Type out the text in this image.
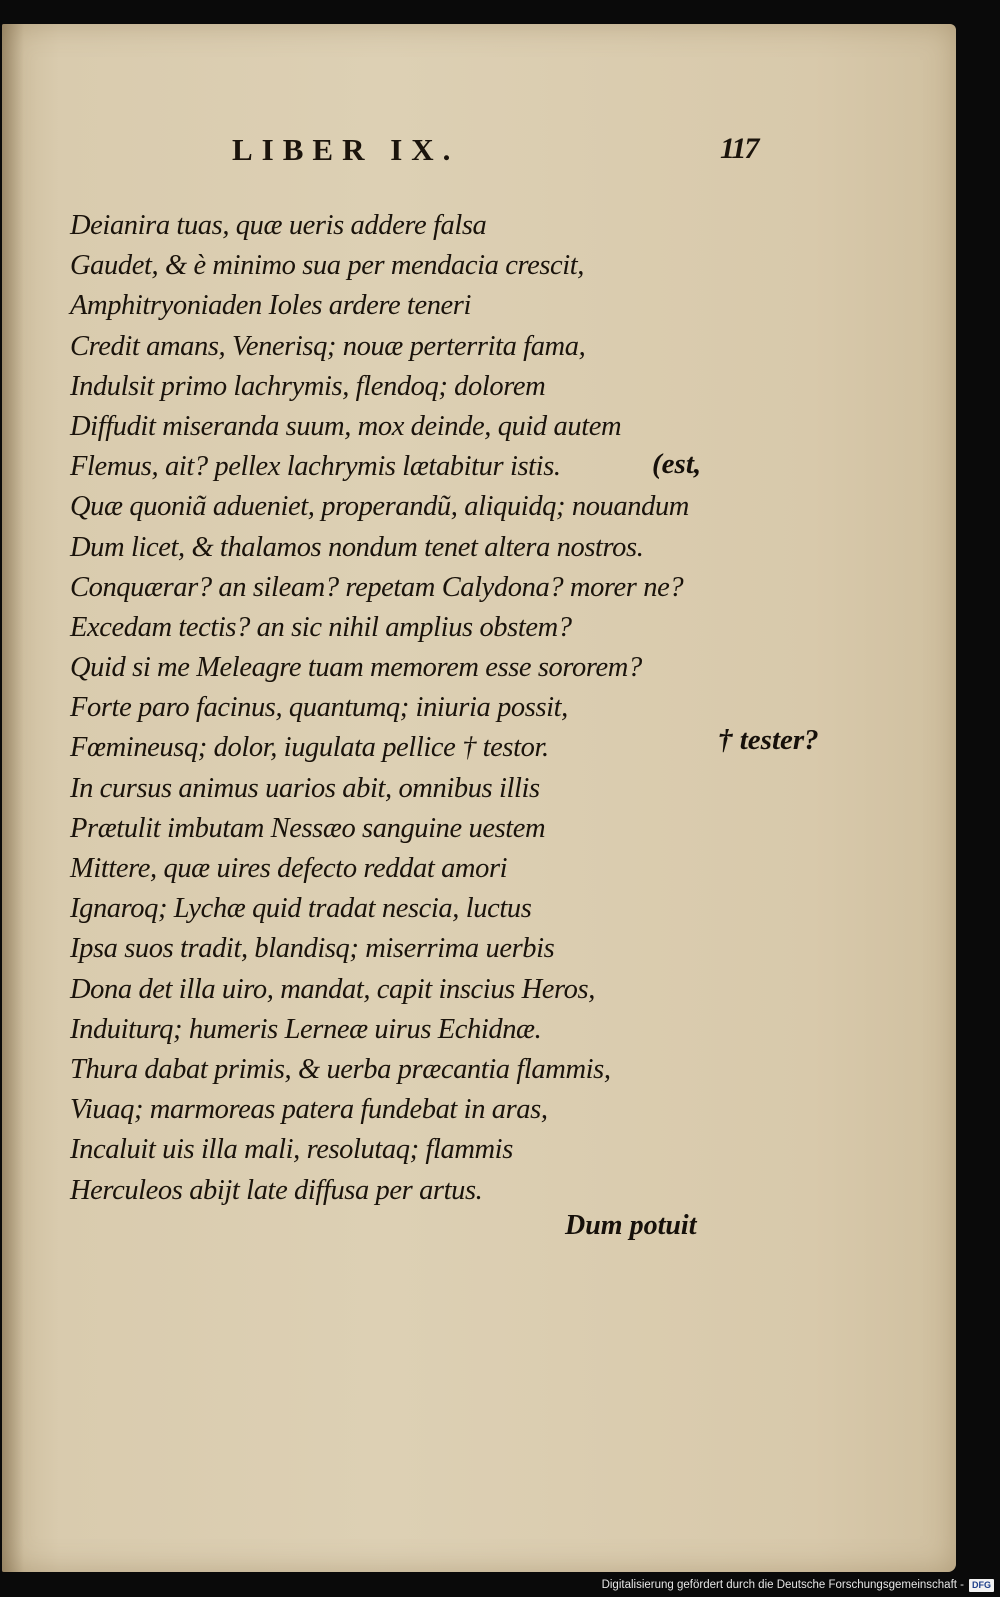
LIBER IX.	117
Deianira tuas, quæ ueris addere falsa
Gaudet, & è minimo sua per mendacia crescit,
Amphitryoniaden Ioles ardere teneri
Credit amans, Venerisq; nouæ perterrita fama,
Indulsit primo lachrymis, flendoq; dolorem
Diffudit miseranda suum, mox deinde, quid autem
Flemus, ait? pellex lachrymis lætabitur istis.
Quæ quoniã adueniet, properandũ, aliquidq; nouandum
Dum licet, & thalamos nondum tenet altera nostros.
Conquærar? an sileam? repetam Calydona? morer ne?
Excedam tectis? an sic nihil amplius obstem?
Quid si me Meleagre tuam memorem esse sororem?
Forte paro facinus, quantumq; iniuria possit,
Fœmineusq; dolor, iugulata pellice † testor.
In cursus animus uarios abit, omnibus illis
Prætulit imbutam Nessæo sanguine uestem
Mittere, quæ uires defecto reddat amori
Ignaroq; Lychæ quid tradat nescia, luctus
Ipsa suos tradit, blandisq; miserrima uerbis
Dona det illa uiro, mandat, capit inscius Heros,
Induiturq; humeris Lerneæ uirus Echidnæ.
Thura dabat primis, & uerba præcantia flammis,
Viuaq; marmoreas patera fundebat in aras,
Incaluit uis illa mali, resolutaq; flammis
Herculeos abijt late diffusa per artus.
(est,
† tester?
Dum potuit
Digitalisierung gefördert durch die Deutsche Forschungsgemeinschaft - DFG
